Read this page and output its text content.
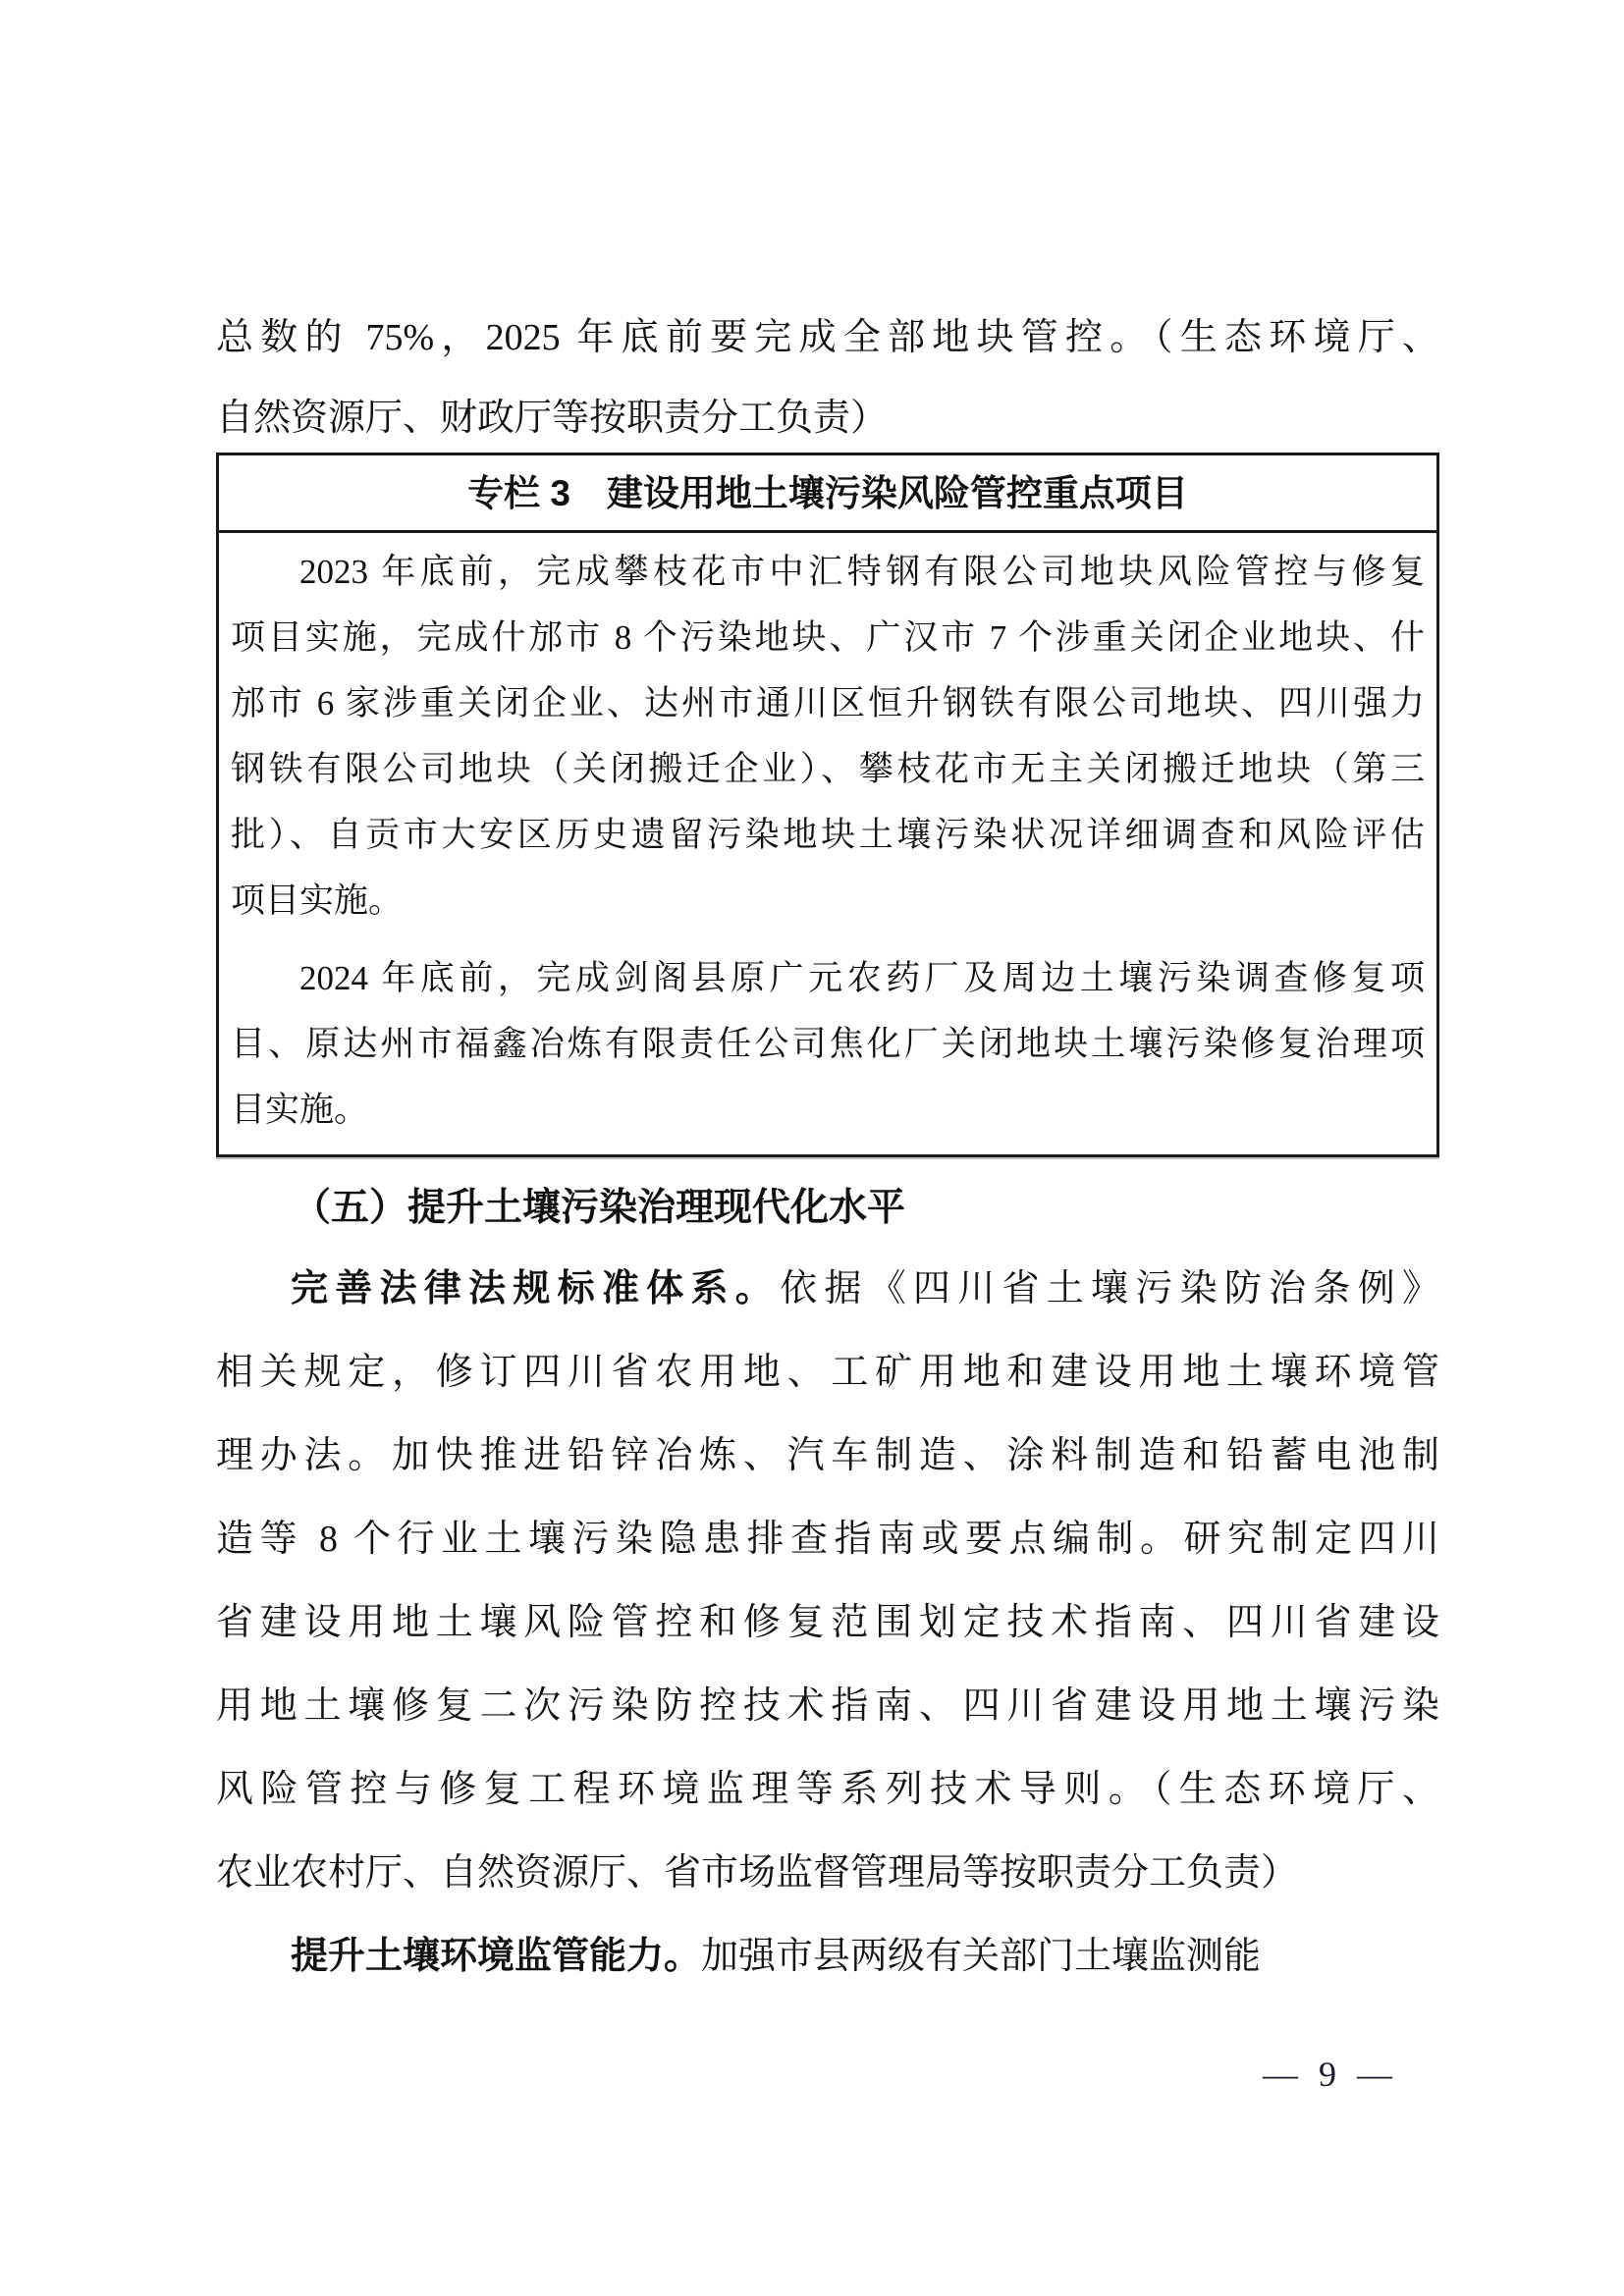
总数的 75%，2025 年底前要完成全部地块管控。（生态环境厅、
自然资源厅、财政厅等按职责分工负责）

专栏 3　建设用地土壤污染风险管控重点项目

2023 年底前，完成攀枝花市中汇特钢有限公司地块风险管控与修复
项目实施，完成什邡市 8 个污染地块、广汉市 7 个涉重关闭企业地块、什
邡市 6 家涉重关闭企业、达州市通川区恒升钢铁有限公司地块、四川强力
钢铁有限公司地块（关闭搬迁企业）、攀枝花市无主关闭搬迁地块（第三
批）、自贡市大安区历史遗留污染地块土壤污染状况详细调查和风险评估
项目实施。

2024 年底前，完成剑阁县原广元农药厂及周边土壤污染调查修复项
目、原达州市福鑫冶炼有限责任公司焦化厂关闭地块土壤污染修复治理项
目实施。

（五）提升土壤污染治理现代化水平

完善法律法规标准体系。依据《四川省土壤污染防治条例》
相关规定，修订四川省农用地、工矿用地和建设用地土壤环境管
理办法。加快推进铅锌冶炼、汽车制造、涂料制造和铅蓄电池制
造等 8 个行业土壤污染隐患排查指南或要点编制。研究制定四川
省建设用地土壤风险管控和修复范围划定技术指南、四川省建设
用地土壤修复二次污染防控技术指南、四川省建设用地土壤污染
风险管控与修复工程环境监理等系列技术导则。（生态环境厅、
农业农村厅、自然资源厅、省市场监督管理局等按职责分工负责）

提升土壤环境监管能力。加强市县两级有关部门土壤监测能

— 9 —
